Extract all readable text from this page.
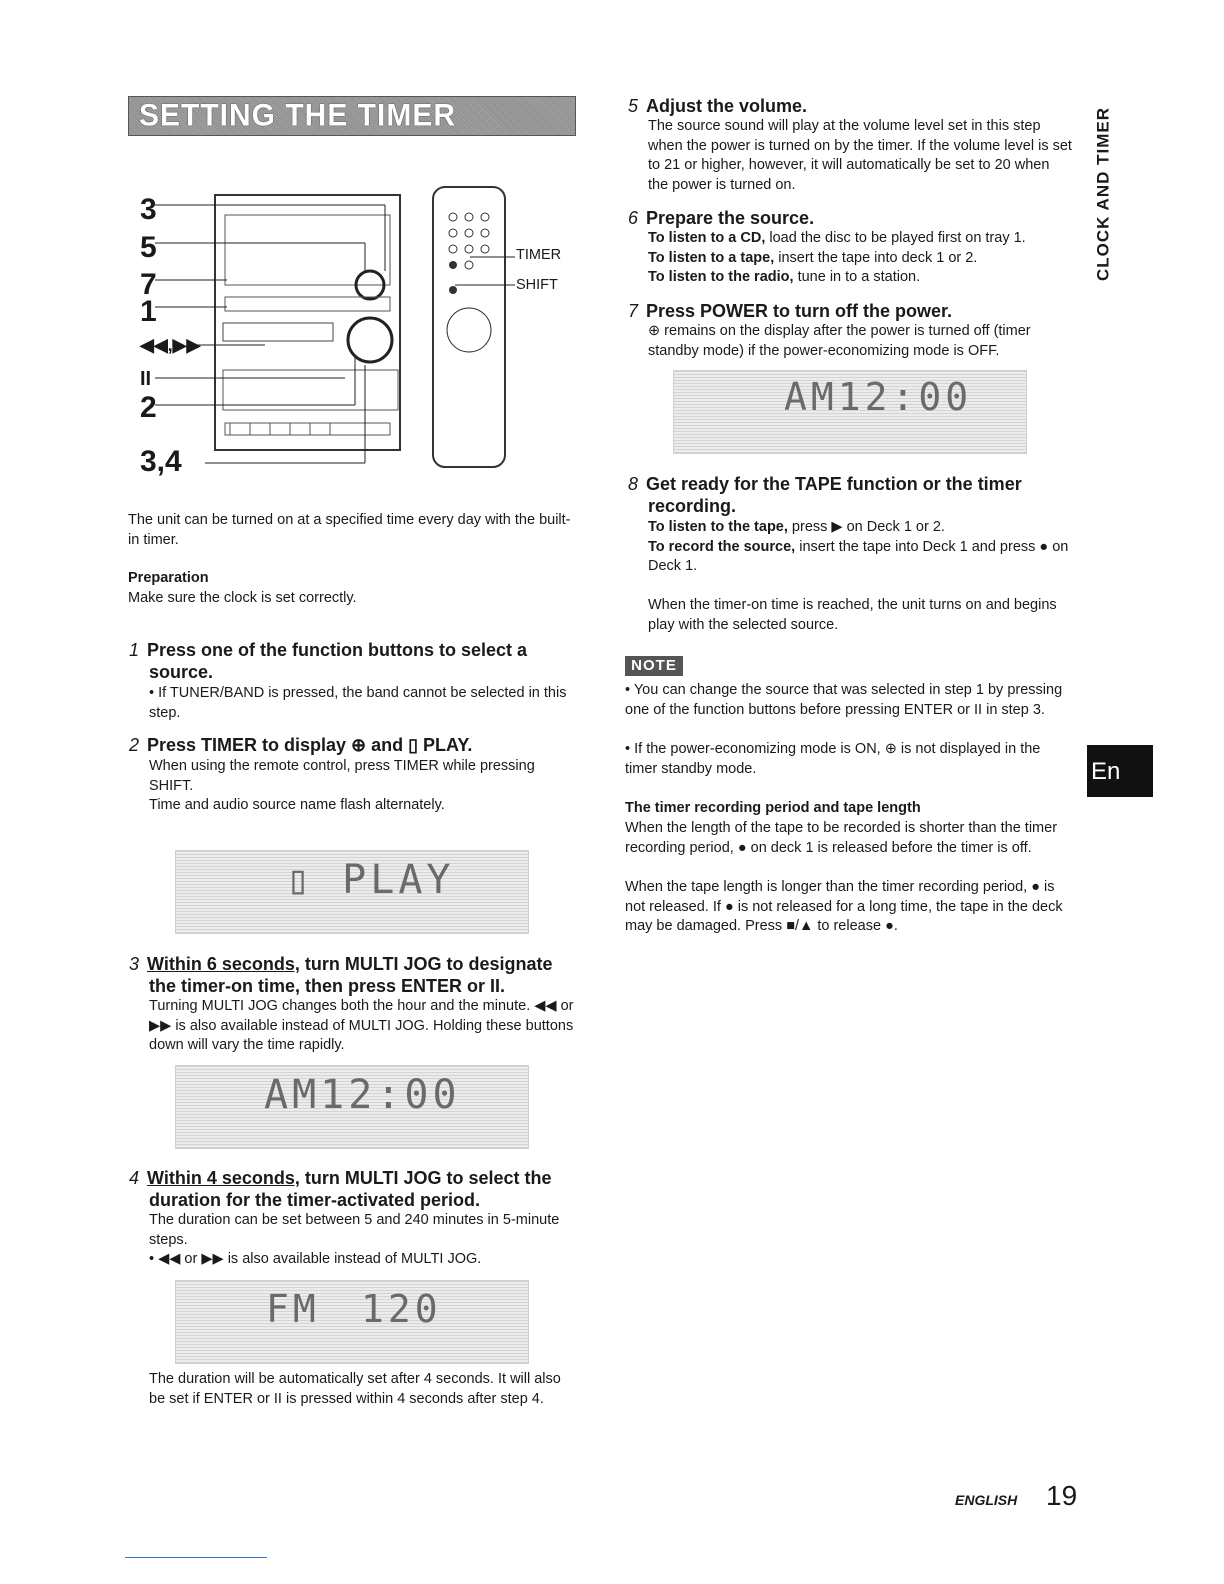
SETTING THE TIMER
3
5
7
1
◀◀,▶▶
II
2
3,4
TIMER
SHIFT
The unit can be turned on at a specified time every day with the built-in timer.
Preparation
Make sure the clock is set correctly.
1 Press one of the function buttons to select a source.
• If TUNER/BAND is pressed, the band cannot be selected in this step.
2 Press TIMER to display ⊕ and ▯ PLAY.
When using the remote control, press TIMER while pressing SHIFT.
Time and audio source name flash alternately.
▯ PLAY
3 Within 6 seconds, turn MULTI JOG to designate the timer-on time, then press ENTER or II.
Turning MULTI JOG changes both the hour and the minute. ◀◀ or ▶▶ is also available instead of MULTI JOG. Holding these buttons down will vary the time rapidly.
AM12:00
4 Within 4 seconds, turn MULTI JOG to select the duration for the timer-activated period.
The duration can be set between 5 and 240 minutes in 5-minute steps.
• ◀◀ or ▶▶ is also available instead of MULTI JOG.
FM 120
The duration will be automatically set after 4 seconds. It will also be set if ENTER or II is pressed within 4 seconds after step 4.
5 Adjust the volume.
The source sound will play at the volume level set in this step when the power is turned on by the timer. If the volume level is set to 21 or higher, however, it will automatically be set to 20 when the power is turned on.
6 Prepare the source.
To listen to a CD, load the disc to be played first on tray 1.
To listen to a tape, insert the tape into deck 1 or 2.
To listen to the radio, tune in to a station.
7 Press POWER to turn off the power.
⊕ remains on the display after the power is turned off (timer standby mode) if the power-economizing mode is OFF.
AM12:00
8 Get ready for the TAPE function or the timer recording.
To listen to the tape, press ▶ on Deck 1 or 2.
To record the source, insert the tape into Deck 1 and press ● on Deck 1.
When the timer-on time is reached, the unit turns on and begins play with the selected source.
NOTE
• You can change the source that was selected in step 1 by pressing one of the function buttons before pressing ENTER or II in step 3.
• If the power-economizing mode is ON, ⊕ is not displayed in the timer standby mode.
The timer recording period and tape length
When the length of the tape to be recorded is shorter than the timer recording period, ● on deck 1 is released before the timer is off.
When the tape length is longer than the timer recording period, ● is not released. If ● is not released for a long time, the tape in the deck may be damaged. Press ■/▲ to release ●.
CLOCK AND TIMER
En
ENGLISH 19
